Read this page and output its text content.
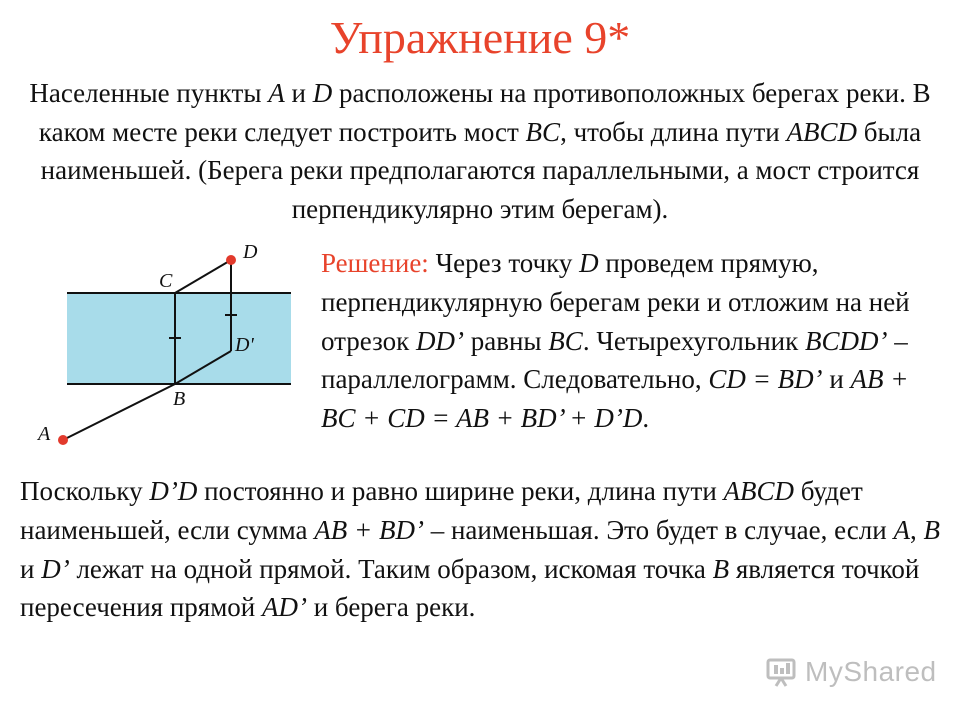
Упражнение 9*
Населенные пункты A и D расположены на противоположных берегах реки. В каком месте реки следует построить мост BC, чтобы длина пути ABCD была наименьшей. (Берега реки предполагаются параллельными, а мост строится перпендикулярно этим берегам).
A
B
C
D
D'
Решение: Через точку D проведем прямую, перпендикулярную берегам реки и отложим на ней отрезок DD’ равны BC. Четырехугольник BCDD’ – параллелограмм. Следовательно, CD = BD’ и AB + BC + CD = AB + BD’ + D’D.
Поскольку D’D постоянно и равно ширине реки, длина пути ABCD будет наименьшей, если сумма AB + BD’ – наименьшая. Это будет в случае, если A, B и D’ лежат на одной прямой. Таким образом, искомая точка B является точкой пересечения прямой AD’ и берега реки.
MyShared
